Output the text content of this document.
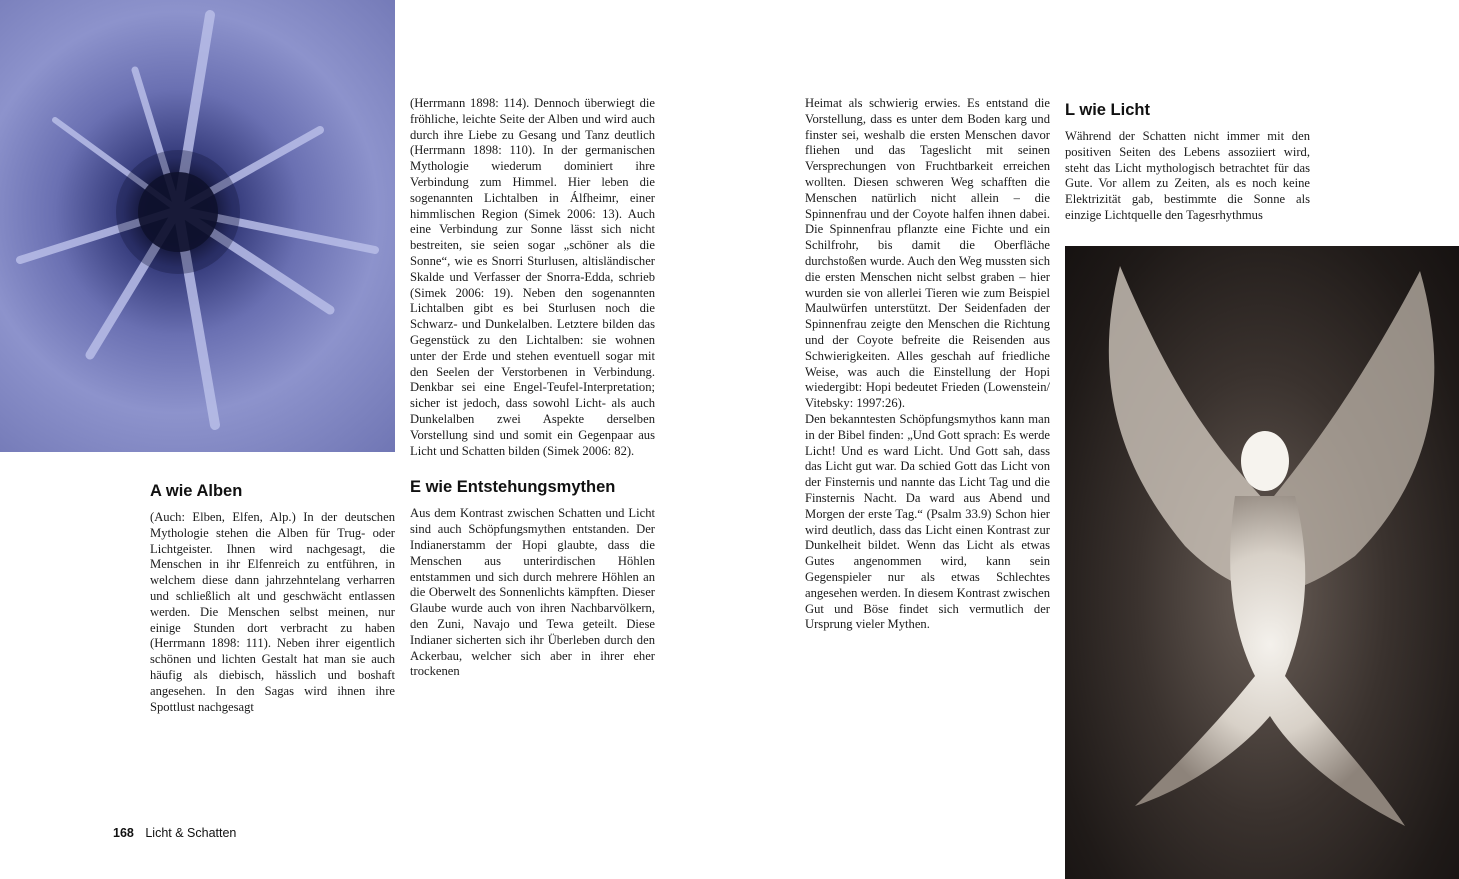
A wie Alben

(Auch: Elben, Elfen, Alp.) In der deutschen Mythologie stehen die Alben für Trug- oder Lichtgeister. Ihnen wird nachgesagt, die Menschen in ihr Elfenreich zu entführen, in welchem diese dann jahrzehntelang verharren und schließlich alt und geschwächt entlassen werden. Die Menschen selbst meinen, nur einige Stunden dort verbracht zu haben (Herrmann 1898: 111). Neben ihrer eigentlich schönen und lichten Gestalt hat man sie auch häufig als diebisch, hässlich und boshaft angesehen. In den Sagas wird ihnen ihre Spottlust nachgesagt

(Herrmann 1898: 114). Dennoch überwiegt die fröhliche, leichte Seite der Alben und wird auch durch ihre Liebe zu Gesang und Tanz deutlich (Herrmann 1898: 110). In der germanischen Mythologie wiederum dominiert ihre Verbindung zum Himmel. Hier leben die sogenannten Lichtalben in Álfheimr, einer himmlischen Region (Simek 2006: 13). Auch eine Verbindung zur Sonne lässt sich nicht bestreiten, sie seien sogar „schöner als die Sonne“, wie es Snorri Sturlusen, altisländischer Skalde und Verfasser der Snorra-Edda, schrieb (Simek 2006: 19). Neben den sogenannten Lichtalben gibt es bei Sturlusen noch die Schwarz- und Dunkelalben. Letztere bilden das Gegenstück zu den Lichtalben: sie wohnen unter der Erde und stehen eventuell sogar mit den Seelen der Verstorbenen in Verbindung. Denkbar sei eine Engel-Teufel-Interpretation; sicher ist jedoch, dass sowohl Licht- als auch Dunkelalben zwei Aspekte derselben Vorstellung sind und somit ein Gegenpaar aus Licht und Schatten bilden (Simek 2006: 82).

E wie Entstehungsmythen

Aus dem Kontrast zwischen Schatten und Licht sind auch Schöpfungsmythen entstanden. Der Indianerstamm der Hopi glaubte, dass die Menschen aus unterirdischen Höhlen entstammen und sich durch mehrere Höhlen an die Oberwelt des Sonnenlichts kämpften. Dieser Glaube wurde auch von ihren Nachbarvölkern, den Zuni, Navajo und Tewa geteilt. Diese Indianer sicherten sich ihr Überleben durch den Ackerbau, welcher sich aber in ihrer eher trockenen

Heimat als schwierig erwies. Es entstand die Vorstellung, dass es unter dem Boden karg und finster sei, weshalb die ersten Menschen davor fliehen und das Tageslicht mit seinen Versprechungen von Fruchtbarkeit erreichen wollten. Diesen schweren Weg schafften die Menschen natürlich nicht allein – die Spinnenfrau und der Coyote halfen ihnen dabei. Die Spinnenfrau pflanzte eine Fichte und ein Schilfrohr, bis damit die Oberfläche durchstoßen wurde. Auch den Weg mussten sich die ersten Menschen nicht selbst graben – hier wurden sie von allerlei Tieren wie zum Beispiel Maulwürfen unterstützt. Der Seidenfaden der Spinnenfrau zeigte den Menschen die Richtung und der Coyote befreite die Reisenden aus Schwierigkeiten. Alles geschah auf friedliche Weise, was auch die Einstellung der Hopi wiedergibt: Hopi bedeutet Frieden (Lowenstein/ Vitebsky: 1997:26).

Den bekanntesten Schöpfungsmythos kann man in der Bibel finden: „Und Gott sprach: Es werde Licht! Und es ward Licht. Und Gott sah, dass das Licht gut war. Da schied Gott das Licht von der Finsternis und nannte das Licht Tag und die Finsternis Nacht. Da ward aus Abend und Morgen der erste Tag.“ (Psalm 33.9) Schon hier wird deutlich, dass das Licht einen Kontrast zur Dunkelheit bildet. Wenn das Licht als etwas Gutes angenommen wird, kann sein Gegenspieler nur als etwas Schlechtes angesehen werden. In diesem Kontrast zwischen Gut und Böse findet sich vermutlich der Ursprung vieler Mythen.

L wie Licht

Während der Schatten nicht immer mit den positiven Seiten des Lebens assoziiert wird, steht das Licht mythologisch betrachtet für das Gute. Vor allem zu Zeiten, als es noch keine Elektrizität gab, bestimmte die Sonne als einzige Lichtquelle den Tagesrhythmus

168 Licht & Schatten
